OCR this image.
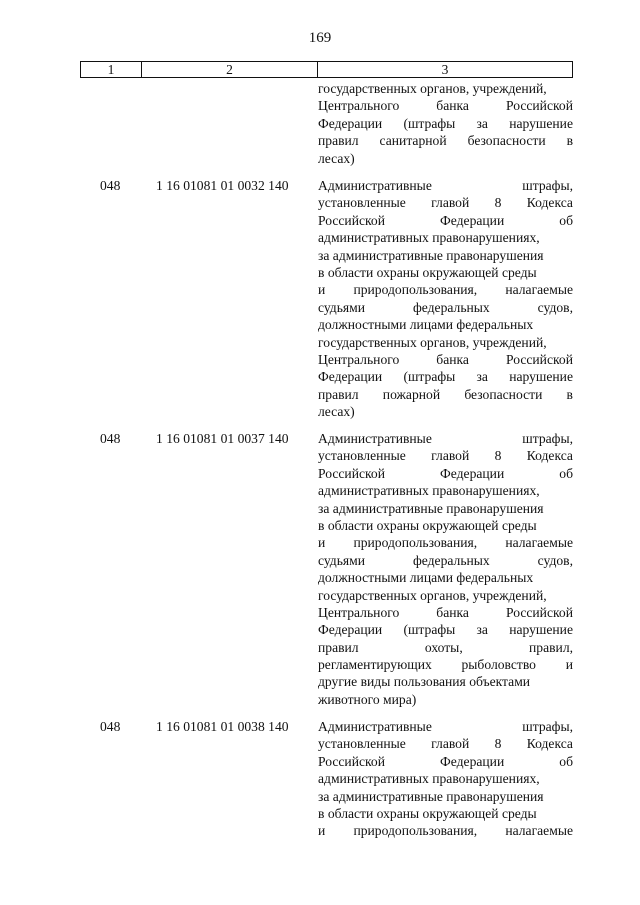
169
1	2	3
государственных органов, учреждений,
Центрального	банка	Российской
Федерации (штрафы за нарушение
правил санитарной безопасности в
лесах)
048	1 16 01081 01 0032 140 Административные	штрафы,
установленные главой 8 Кодекса
Российской	Федерации	об
административных правонарушениях,
за административные правонарушения
в области охраны окружающей среды
и природопользования, налагаемые
судьями	федеральных	судов,
должностными лицами федеральных
государственных органов, учреждений,
Центрального	банка	Российской
Федерации (штрафы за нарушение
правил пожарной безопасности в
лесах)
048	1 16 01081 01 0037 140 Административные	штрафы,
установленные главой 8 Кодекса
Российской	Федерации	об
административных правонарушениях,
за административные правонарушения
в области охраны окружающей среды
и природопользования, налагаемые
судьями	федеральных	судов,
должностными лицами федеральных
государственных органов, учреждений,
Центрального	банка	Российской
Федерации (штрафы за нарушение
правил	охоты,	правил,
регламентирующих рыболовство и
другие виды пользования объектами
животного мира)
048	1 16 01081 01 0038 140 Административные	штрафы,
установленные главой 8 Кодекса
Российской	Федерации	об
административных правонарушениях,
за административные правонарушения
в области охраны окружающей среды
и природопользования, налагаемые
